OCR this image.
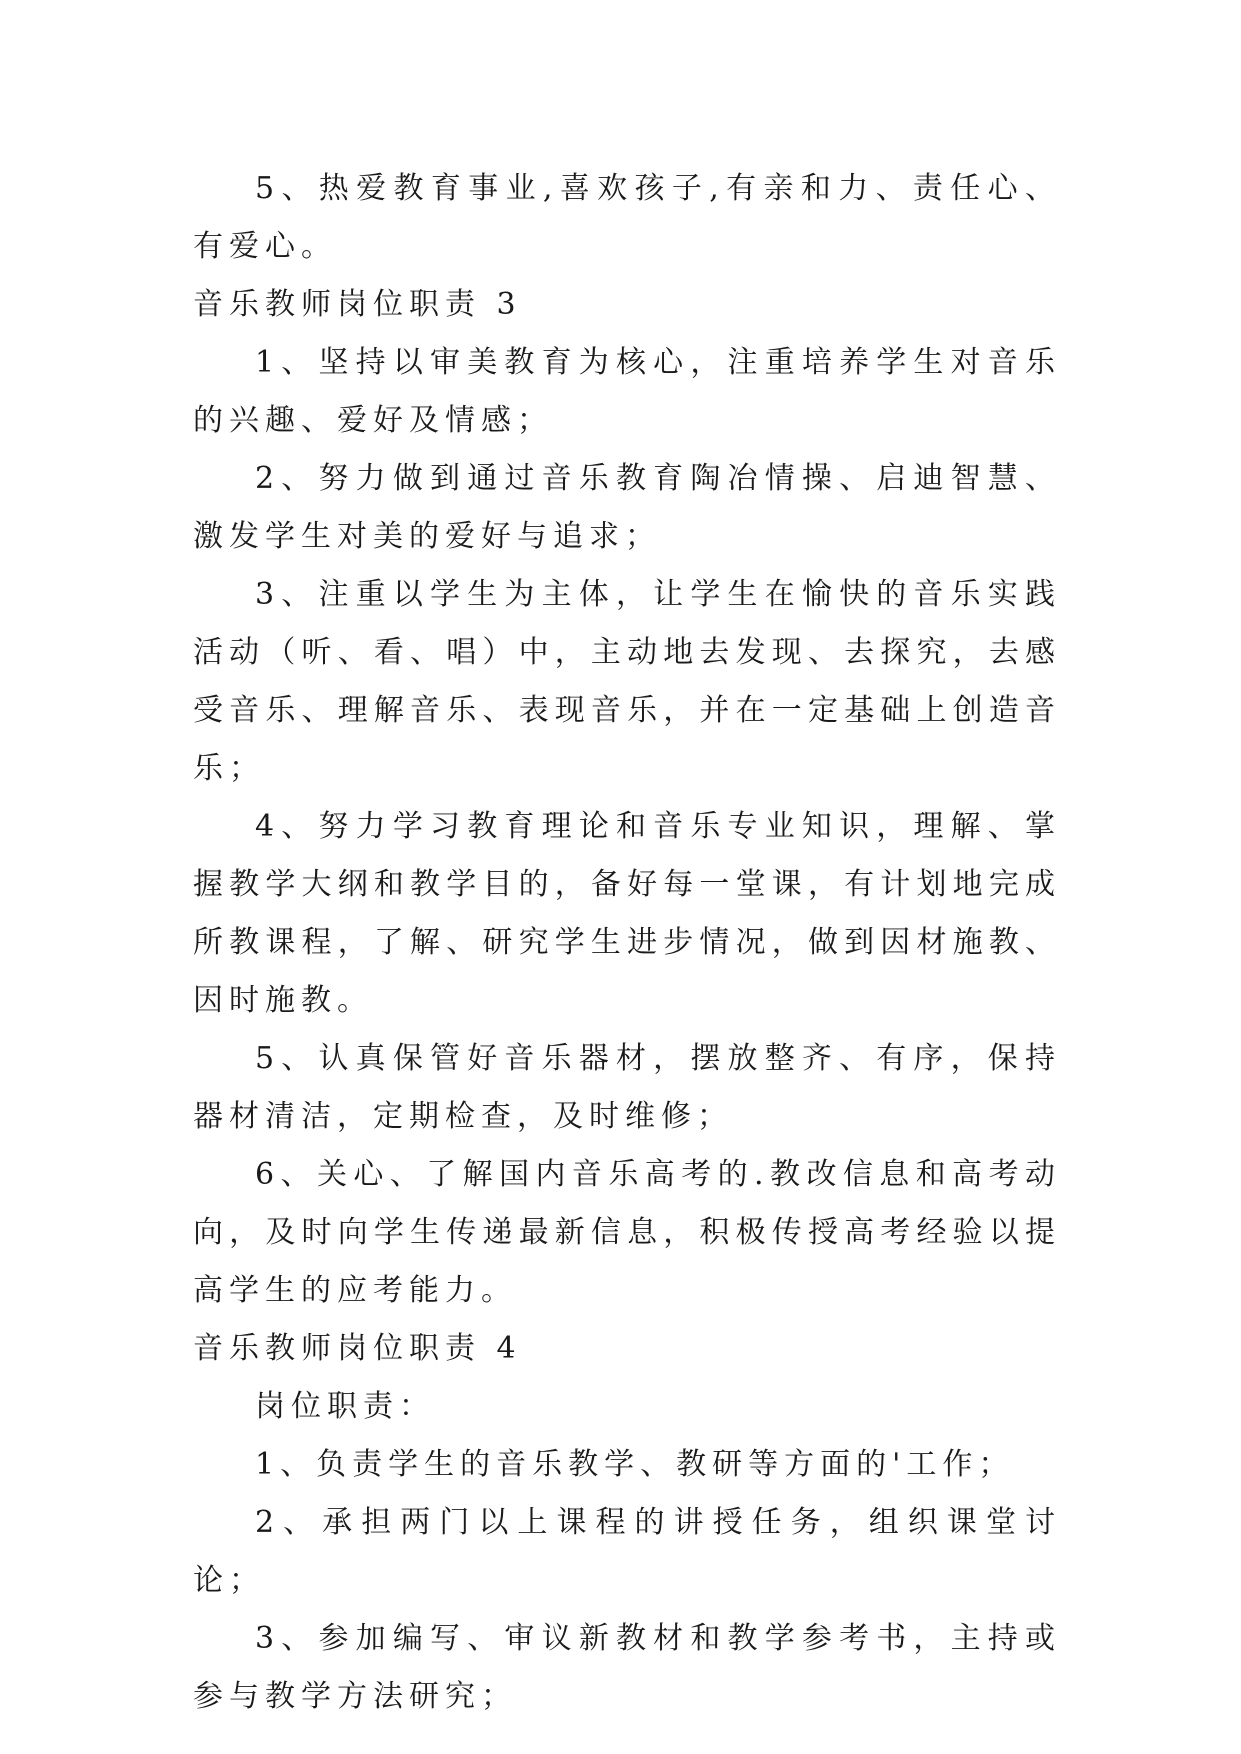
5、热爱教育事业,喜欢孩子,有亲和力、责任心、有爱心。

音乐教师岗位职责 3

1、坚持以审美教育为核心，注重培养学生对音乐的兴趣、爱好及情感；

2、努力做到通过音乐教育陶冶情操、启迪智慧、激发学生对美的爱好与追求；

3、注重以学生为主体，让学生在愉快的音乐实践活动（听、看、唱）中，主动地去发现、去探究，去感受音乐、理解音乐、表现音乐，并在一定基础上创造音乐；

4、努力学习教育理论和音乐专业知识，理解、掌握教学大纲和教学目的，备好每一堂课，有计划地完成所教课程，了解、研究学生进步情况，做到因材施教、因时施教。

5、认真保管好音乐器材，摆放整齐、有序，保持器材清洁，定期检查，及时维修；

6、关心、了解国内音乐高考的.教改信息和高考动向，及时向学生传递最新信息，积极传授高考经验以提高学生的应考能力。

音乐教师岗位职责 4

岗位职责：

1、负责学生的音乐教学、教研等方面的'工作；

2、承担两门以上课程的讲授任务，组织课堂讨论；

3、参加编写、审议新教材和教学参考书，主持或参与教学方法研究；
